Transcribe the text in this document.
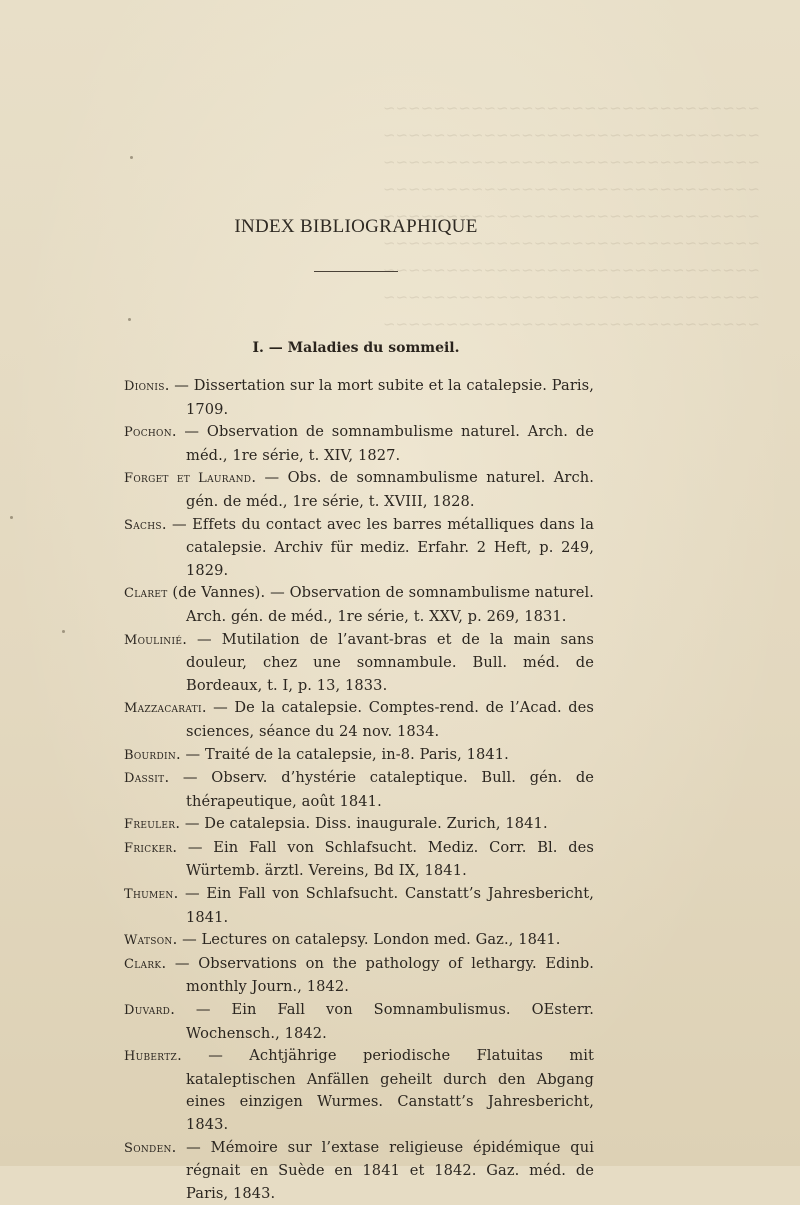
~~~~~~~~~~~~~~~~~~~~~~~~~~~~~~
~~~~~~~~~~~~~~~~~~~~~~~~~~~~~~
~~~~~~~~~~~~~~~~~~~~~~~~~~~~~~
~~~~~~~~~~~~~~~~~~~~~~~~~~~~~~
~~~~~~~~~~~~~~~~~~~~~~~~~~~~~~
~~~~~~~~~~~~~~~~~~~~~~~~~~~~~~
~~~~~~~~~~~~~~~~~~~~~~~~~~~~~~
~~~~~~~~~~~~~~~~~~~~~~~~~~~~~~
~~~~~~~~~~~~~~~~~~~~~~~~~~~~~~
INDEX BIBLIOGRAPHIQUE
I. — Maladies du sommeil.

Dionis. — Dissertation sur la mort subite et la catalepsie. Paris, 1709.

Pochon. — Observation de somnambulisme naturel. Arch. de méd., 1re série, t. XIV, 1827.

Forget et Laurand. — Obs. de somnambulisme naturel. Arch. gén. de méd., 1re série, t. XVIII, 1828.

Sachs. — Effets du contact avec les barres métalliques dans la catalepsie. Archiv für mediz. Erfahr. 2 Heft, p. 249, 1829.

Claret (de Vannes). — Observation de somnambulisme naturel. Arch. gén. de méd., 1re série, t. XXV, p. 269, 1831.

Moulinié. — Mutilation de l’avant-bras et de la main sans douleur, chez une somnambule. Bull. méd. de Bordeaux, t. I, p. 13, 1833.

Mazzacarati. — De la catalepsie. Comptes-rend. de l’Acad. des sciences, séance du 24 nov. 1834.

Bourdin. — Traité de la catalepsie, in-8. Paris, 1841.

Dassit. — Observ. d’hystérie cataleptique. Bull. gén. de thérapeutique, août 1841.

Freuler. — De catalepsia. Diss. inaugurale. Zurich, 1841.

Fricker. — Ein Fall von Schlafsucht. Mediz. Corr. Bl. des Würtemb. ärztl. Vereins, Bd IX, 1841.

Thumen. — Ein Fall von Schlafsucht. Canstatt’s Jahresbericht, 1841.

Watson. — Lectures on catalepsy. London med. Gaz., 1841.

Clark. — Observations on the pathology of lethargy. Edinb. monthly Journ., 1842.

Duvard. — Ein Fall von Somnambulismus. OEsterr. Wochensch., 1842.

Hubertz. — Achtjährige periodische Flatuitas mit kataleptischen Anfällen geheilt durch den Abgang eines einzigen Wurmes. Canstatt’s Jahresbericht, 1843.

Sonden. — Mémoire sur l’extase religieuse épidémique qui régnait en Suède en 1841 et 1842. Gaz. méd. de Paris, 1843.
